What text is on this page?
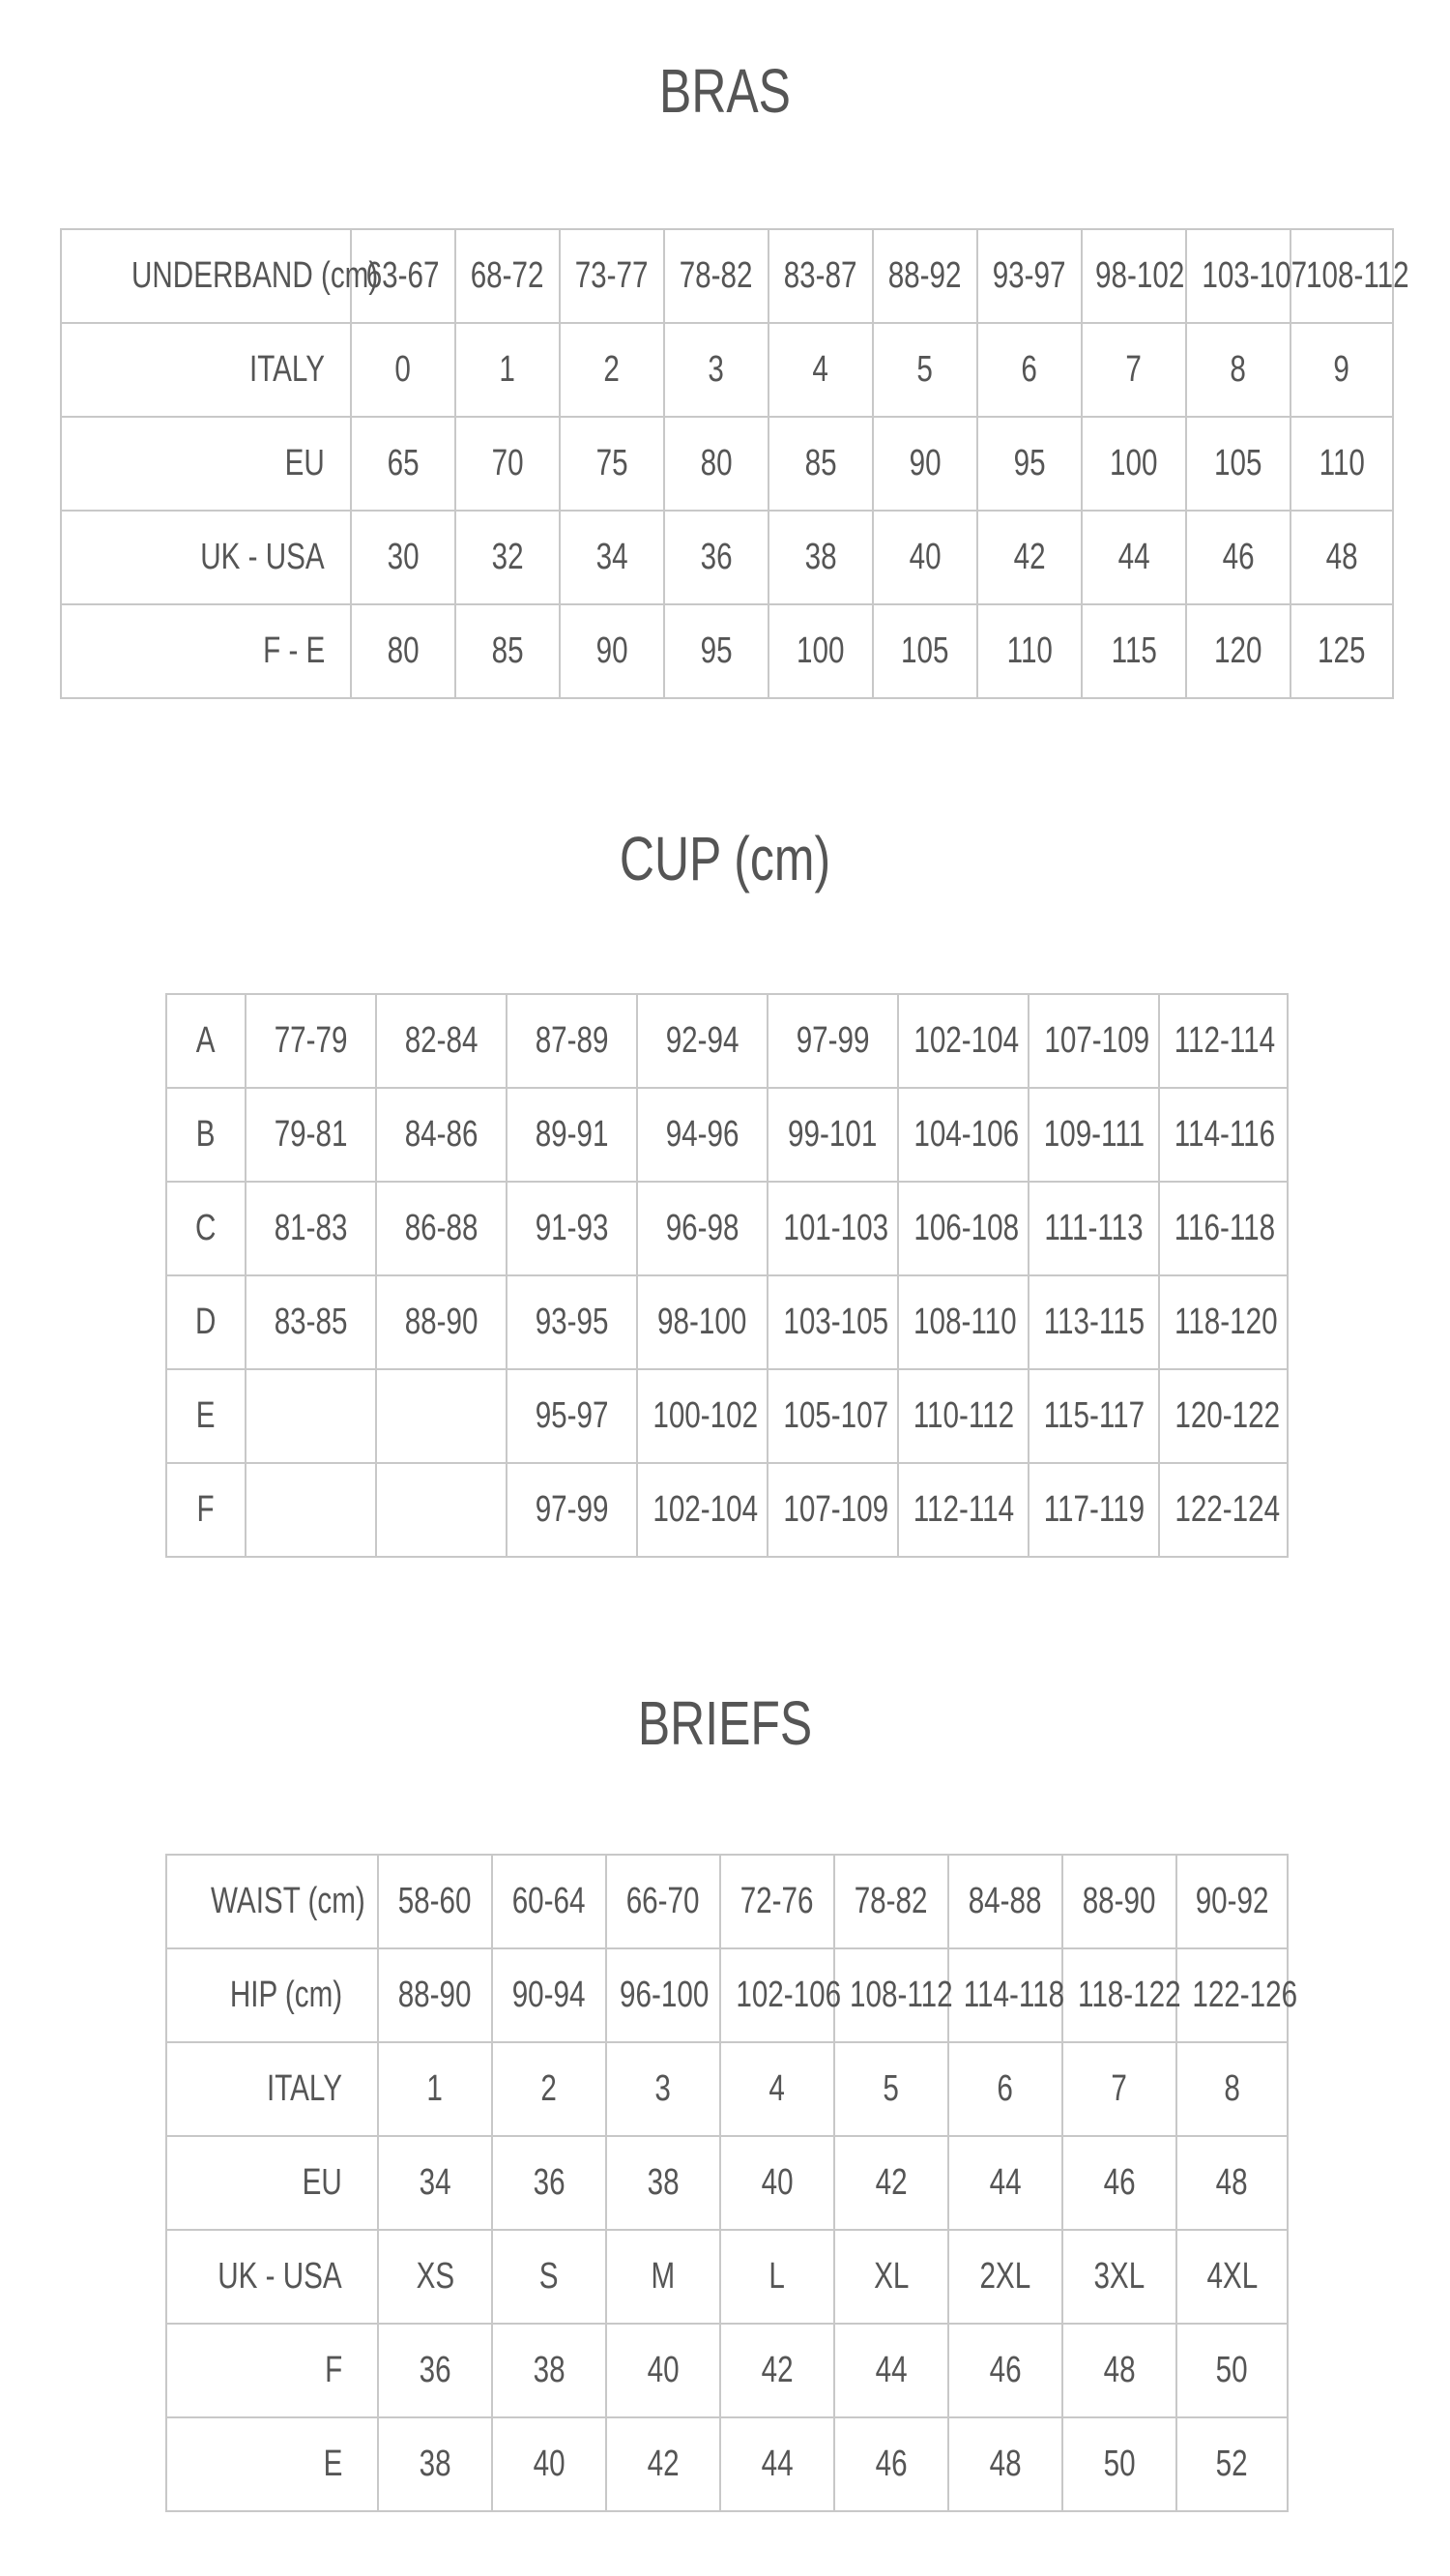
BRAS
UNDERBAND (cm)	63-67	68-72	73-77	78-82	83-87	88-92	93-97	98-102	103-107	108-112
ITALY	0	1	2	3	4	5	6	7	8	9
EU	65	70	75	80	85	90	95	100	105	110
UK - USA	30	32	34	36	38	40	42	44	46	48
F - E	80	85	90	95	100	105	110	115	120	125
CUP (cm)
A	77-79	82-84	87-89	92-94	97-99	102-104	107-109	112-114
B	79-81	84-86	89-91	94-96	99-101	104-106	109-111	114-116
C	81-83	86-88	91-93	96-98	101-103	106-108	111-113	116-118
D	83-85	88-90	93-95	98-100	103-105	108-110	113-115	118-120
E			95-97	100-102	105-107	110-112	115-117	120-122
F			97-99	102-104	107-109	112-114	117-119	122-124
BRIEFS
WAIST (cm)	58-60	60-64	66-70	72-76	78-82	84-88	88-90	90-92
HIP (cm)	88-90	90-94	96-100	102-106	108-112	114-118	118-122	122-126
ITALY	1	2	3	4	5	6	7	8
EU	34	36	38	40	42	44	46	48
UK - USA	XS	S	M	L	XL	2XL	3XL	4XL
F	36	38	40	42	44	46	48	50
E	38	40	42	44	46	48	50	52
